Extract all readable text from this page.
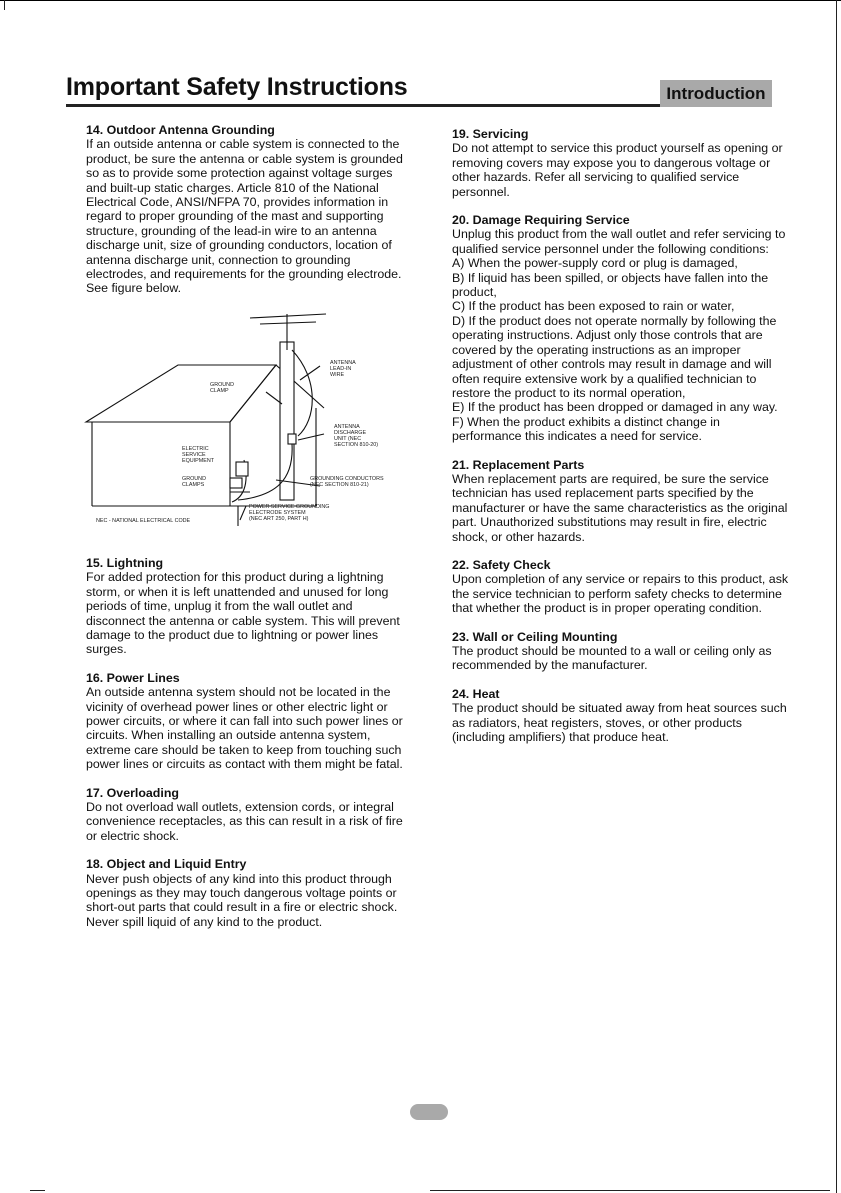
Important Safety Instructions	Introduction
14. Outdoor Antenna Grounding

If an outside antenna or cable system is connected to the product, be sure the antenna or cable system is grounded so as to provide some protection against voltage surges and built-up static charges. Article 810 of the National Electrical Code, ANSI/NFPA 70, provides information in regard to proper grounding of the mast and supporting structure, grounding of the lead-in wire to an antenna discharge unit, size of grounding conductors, location of antenna discharge unit, connection to grounding electrodes, and requirements for the grounding electrode. See figure below.

ANTENNA
LEAD-IN
WIRE
GROUND
CLAMP
ANTENNA
DISCHARGE
UNIT (NEC
SECTION 810-20)
ELECTRIC
SERVICE
EQUIPMENT
GROUND
CLAMPS
GROUNDING CONDUCTORS
(NEC SECTION 810-21)
POWER SERVICE GROUNDING
ELECTRODE SYSTEM
(NEC ART 250, PART H)
NEC - NATIONAL ELECTRICAL CODE
15. Lightning

For added protection for this product during a lightning storm, or when it is left unattended and unused for long periods of time, unplug it from the wall outlet and disconnect the antenna or cable system. This will prevent damage to the product due to lightning or power lines surges.

16. Power Lines

An outside antenna system should not be located in the vicinity of overhead power lines or other electric light or power circuits, or where it can fall into such power lines or circuits. When installing an outside antenna system, extreme care should be taken to keep from touching such power lines or circuits as contact with them might be fatal.

17. Overloading

Do not overload wall outlets, extension cords, or integral convenience receptacles, as this can result in a risk of fire or electric shock.

18. Object and Liquid Entry

Never push objects of any kind into this product through openings as they may touch dangerous voltage points or short-out parts that could result in a fire or electric shock. Never spill liquid of any kind to the product.

19. Servicing

Do not attempt to service this product yourself as opening or removing covers may expose you to dangerous voltage or other hazards. Refer all servicing to qualified service personnel.

20. Damage Requiring Service

Unplug this product from the wall outlet and refer servicing to qualified service personnel under the following conditions:

A) When the power-supply cord or plug is damaged,

B) If liquid has been spilled, or objects have fallen into the product,

C) If the product has been exposed to rain or water,

D) If the product does not operate normally by following the operating instructions. Adjust only those controls that are covered by the operating instructions as an improper adjustment of other controls may result in damage and will often require extensive work by a qualified technician to restore the product to its normal operation,

E) If the product has been dropped or damaged in any way.

F) When the product exhibits a distinct change in performance this indicates a need for service.

21. Replacement Parts

When replacement parts are required, be sure the service technician has used replacement parts specified by the manufacturer or have the same characteristics as the original part. Unauthorized substitutions may result in fire, electric shock, or other hazards.

22. Safety Check

Upon completion of any service or repairs to this product, ask the service technician to perform safety checks to determine that whether the product is in proper operating condition.

23. Wall or Ceiling Mounting

The product should be mounted to a wall or ceiling only as recommended by the manufacturer.

24. Heat

The product should be situated away from heat sources such as radiators, heat registers, stoves, or other products (including amplifiers) that produce heat.
